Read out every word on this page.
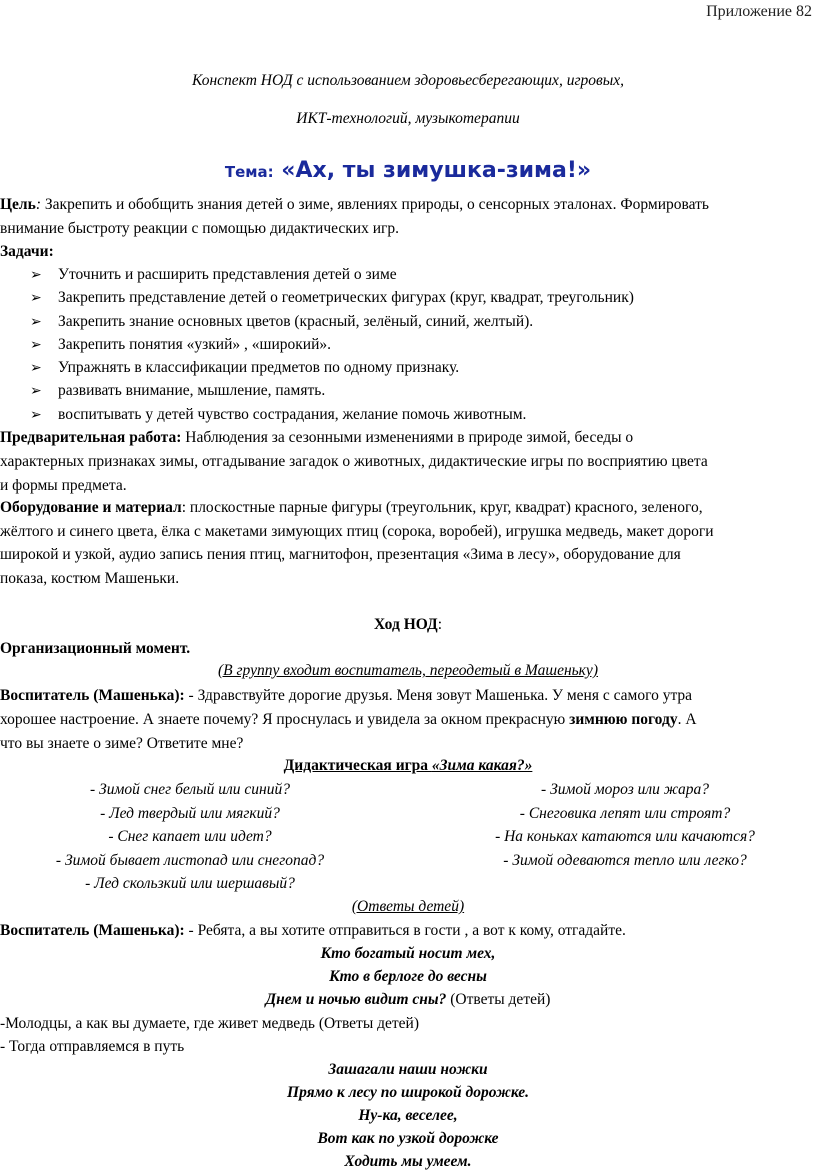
Приложение 82
Конспект НОД с использованием здоровьесберегающих, игровых,
ИКТ-технологий, музыкотерапии
Тема: «Ах, ты зимушка-зима!»
Цель: Закрепить и обобщить знания детей о зиме, явлениях природы, о сенсорных эталонах. Формировать
внимание быстроту реакции с помощью дидактических игр.
Задачи:
➢ Уточнить и расширить представления детей о зиме
➢ Закрепить представление детей о геометрических фигурах (круг, квадрат, треугольник)
➢ Закрепить знание основных цветов (красный, зелёный, синий, желтый).
➢ Закрепить понятия «узкий» , «широкий».
➢ Упражнять в классификации предметов по одному признаку.
➢ развивать внимание, мышление, память.
➢ воспитывать у детей чувство сострадания, желание помочь животным.
Предварительная работа: Наблюдения за сезонными изменениями в природе зимой, беседы о
характерных признаках зимы, отгадывание загадок о животных, дидактические игры по восприятию цвета
и формы предмета.
Оборудование и материал: плоскостные парные фигуры (треугольник, круг, квадрат) красного, зеленого,
жёлтого и синего цвета, ёлка с макетами зимующих птиц (сорока, воробей), игрушка медведь, макет дороги
широкой и узкой, аудио запись пения птиц, магнитофон, презентация «Зима в лесу», оборудование для
показа, костюм Машеньки.
Ход НОД:
Организационный момент.
(В группу входит воспитатель, переодетый в Машеньку)
Воспитатель (Машенька): - Здравствуйте дорогие друзья. Меня зовут Машенька. У меня с самого утра
хорошее настроение. А знаете почему? Я проснулась и увидела за окном прекрасную зимнюю погоду. А
что вы знаете о зиме? Ответите мне?
Дидактическая игра «Зима какая?»
- Зимой снег белый или синий?
- Лед твердый или мягкий?
- Снег капает или идет?
- Зимой бывает листопад или снегопад?
- Лед скользкий или шершавый?
- Зимой мороз или жара?
- Снеговика лепят или строят?
- На коньках катаются или качаются?
- Зимой одеваются тепло или легко?
(Ответы детей)
Воспитатель (Машенька): - Ребята, а вы хотите отправиться в гости , а вот к кому, отгадайте.
Кто богатый носит мех,
Кто в берлоге до весны
Днем и ночью видит сны? (Ответы детей)
-Молодцы, а как вы думаете, где живет медведь (Ответы детей)
- Тогда отправляемся в путь
Зашагали наши ножки
Прямо к лесу по широкой дорожке.
Ну-ка, веселее,
Вот как по узкой дорожке
Ходить мы умеем.
